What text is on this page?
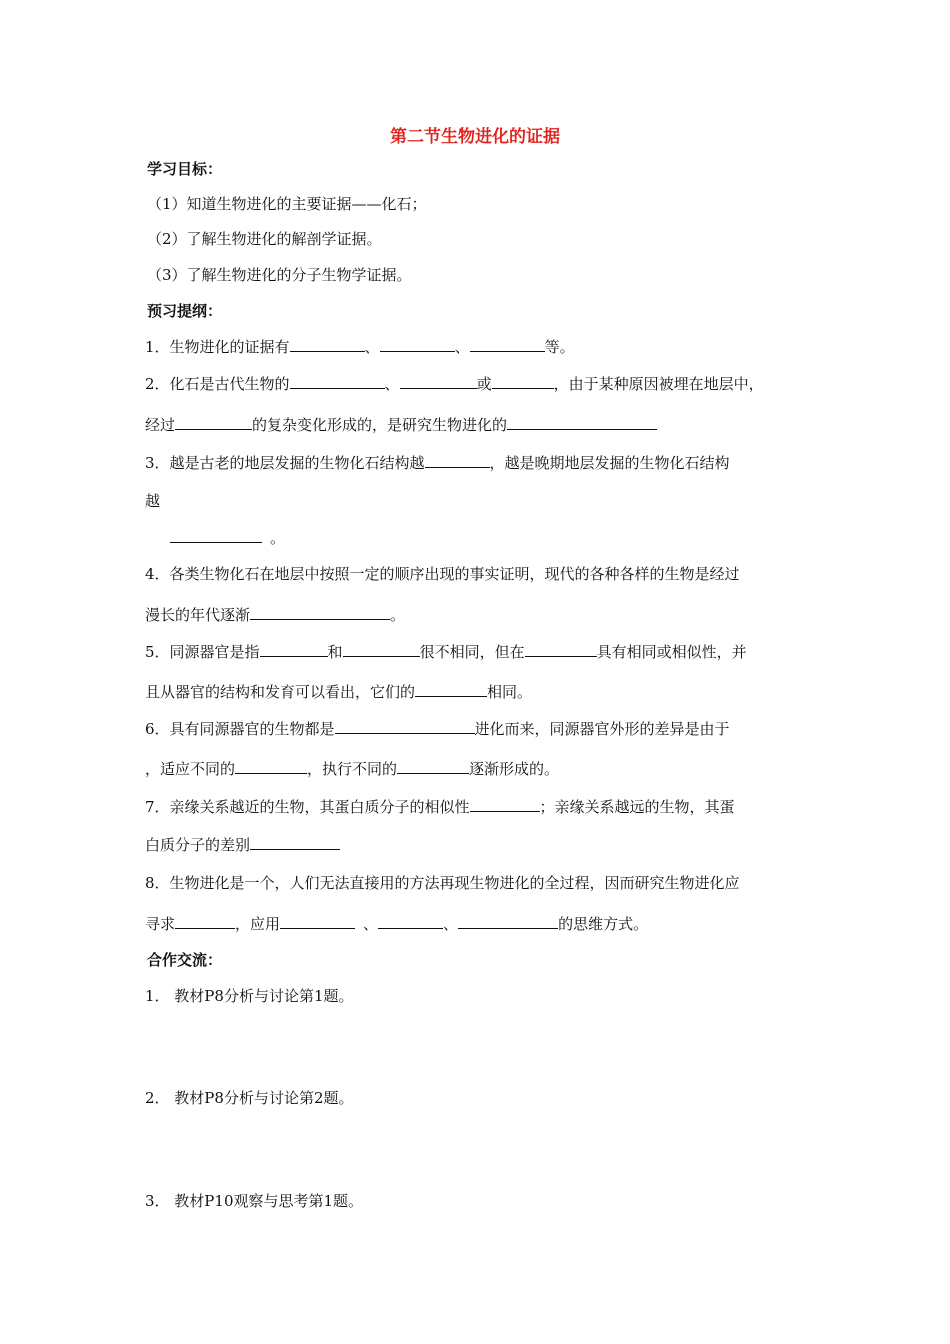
第二节生物进化的证据
学习目标：
（1）知道生物进化的主要证据——化石；
（2）了解生物进化的解剖学证据。
（3）了解生物进化的分子生物学证据。
预习提纲：
1．生物进化的证据有	、	、	等。
2．化石是古代生物的	、	或	，由于某种原因被埋在地层中，
经过	的复杂变化形成的，是研究生物进化的
3．越是古老的地层发掘的生物化石结构越	，越是晚期地层发掘的生物化石结构
越
。
4．各类生物化石在地层中按照一定的顺序出现的事实证明，现代的各种各样的生物是经过
漫长的年代逐渐	。
5．同源器官是指	和	很不相同，但在	具有相同或相似性，并
且从器官的结构和发育可以看出，它们的	相同。
6．具有同源器官的生物都是	进化而来，同源器官外形的差异是由于
，适应不同的	，执行不同的	逐渐形成的。
7．亲缘关系越近的生物，其蛋白质分子的相似性	；亲缘关系越远的生物，其蛋
白质分子的差别
8．生物进化是一个，人们无法直接用的方法再现生物进化的全过程，因而研究生物进化应
寻求	，应用	、	、	的思维方式。
合作交流：
1． 教材P8分析与讨论第1题。
2． 教材P8分析与讨论第2题。
3． 教材P10观察与思考第1题。
